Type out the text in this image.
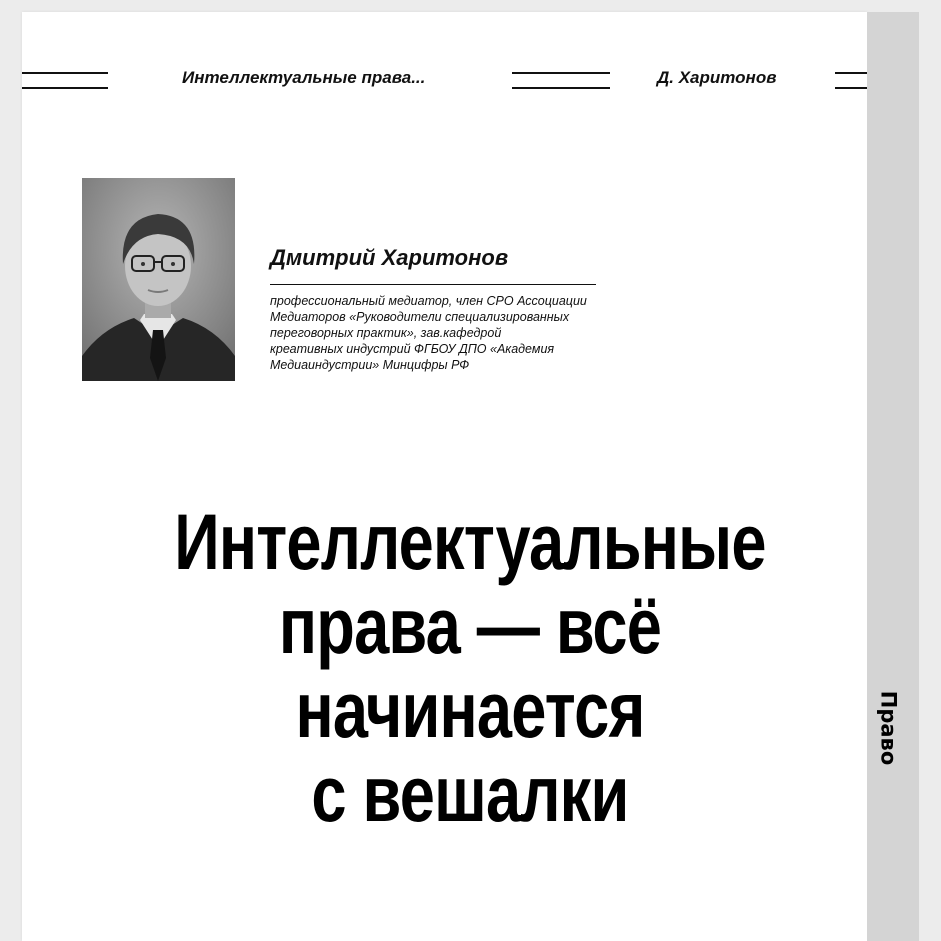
Право
Интеллектуальные права...	Д. Харитонов
Дмитрий Харитонов
профессиональный медиатор, член СРО Ассоциации
Медиаторов «Руководители специализированных
переговорных практик», зав.кафедрой
креативных индустрий ФГБОУ ДПО «Академия
Медиаиндустрии» Минцифры РФ
Интеллектуальные
права — всё начинается
с вешалки
